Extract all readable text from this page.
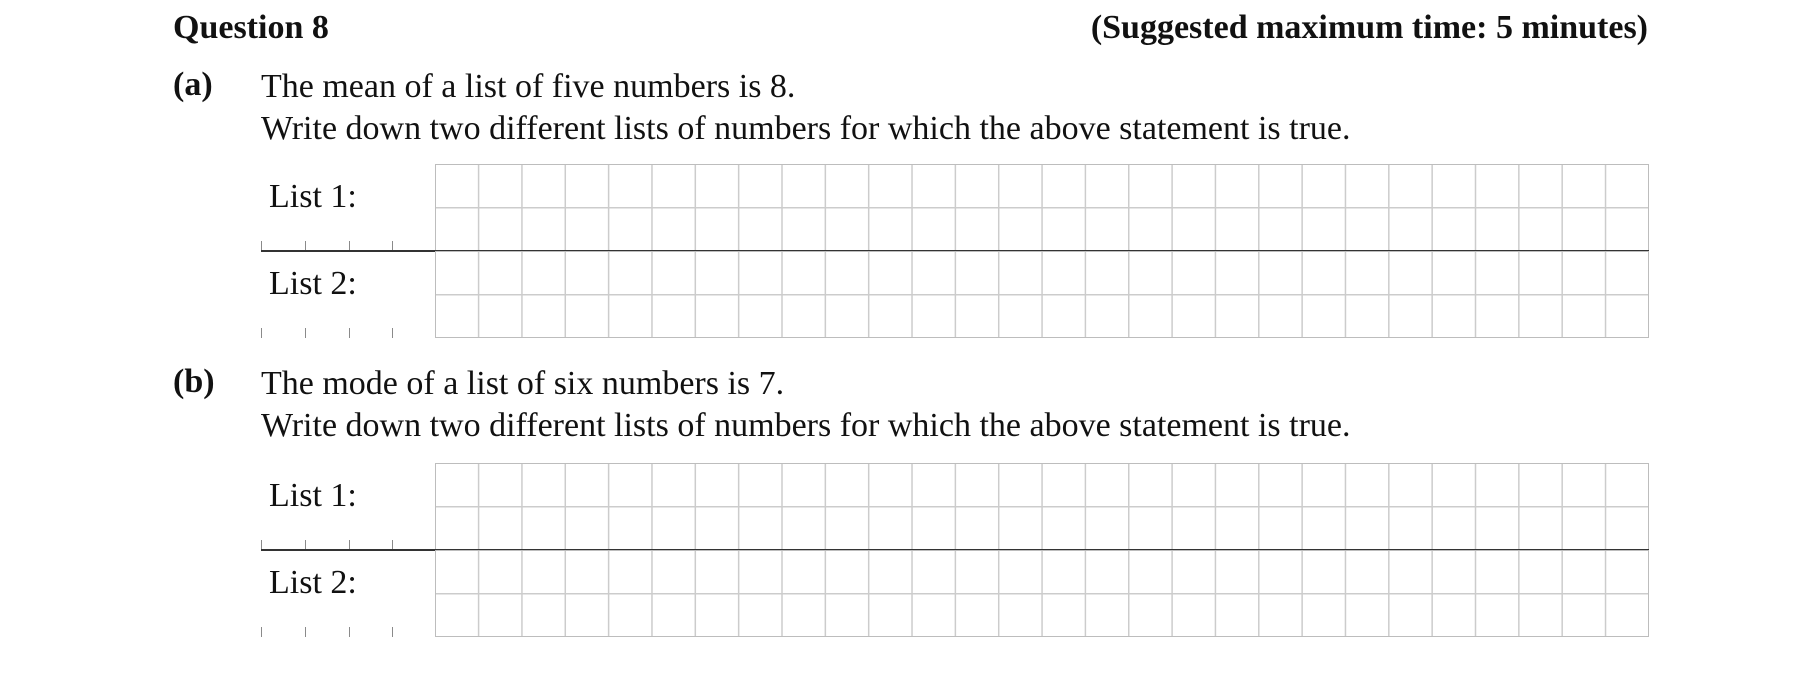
Question 8	(Suggested maximum time: 5 minutes)
(a) The mean of a list of five numbers is 8.
Write down two different lists of numbers for which the above statement is true.
List 1:
List 2:
(b) The mode of a list of six numbers is 7.
Write down two different lists of numbers for which the above statement is true.
List 1:
List 2:
